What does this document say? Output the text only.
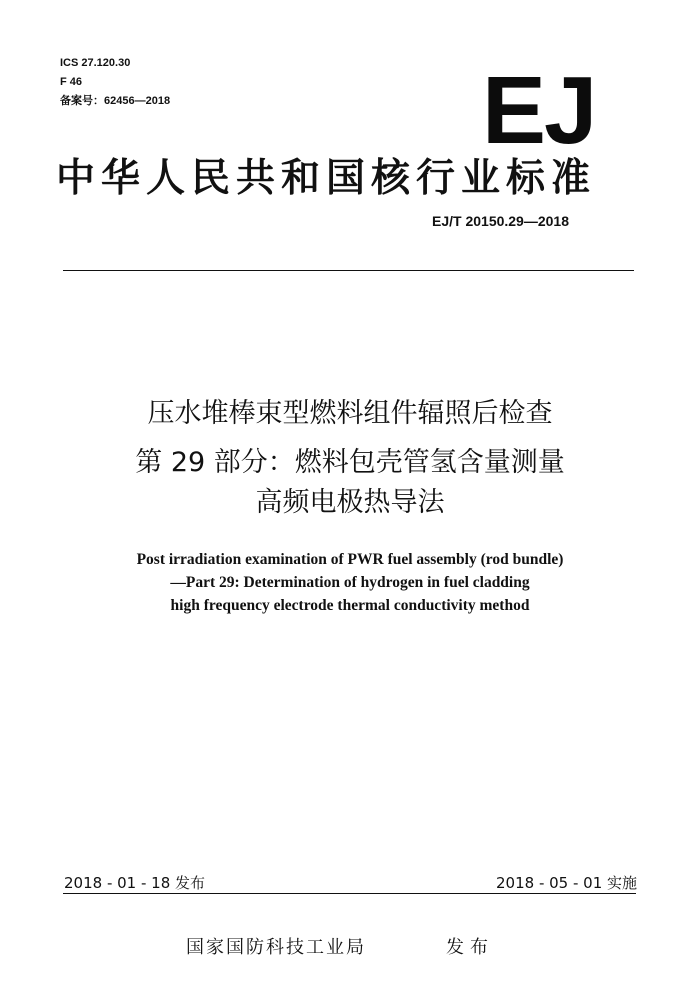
ICS 27.120.30
F 46
备案号：62456—2018	EJ
中华人民共和国核行业标准
EJ/T 20150.29—2018
压水堆棒束型燃料组件辐照后检查
第 29 部分：燃料包壳管氢含量测量
高频电极热导法
Post irradiation examination of PWR fuel assembly (rod bundle)
—Part 29: Determination of hydrogen in fuel cladding
high frequency electrode thermal conductivity method
2018 - 01 - 18 发布	2018 - 05 - 01 实施
国家国防科技工业局	发布
